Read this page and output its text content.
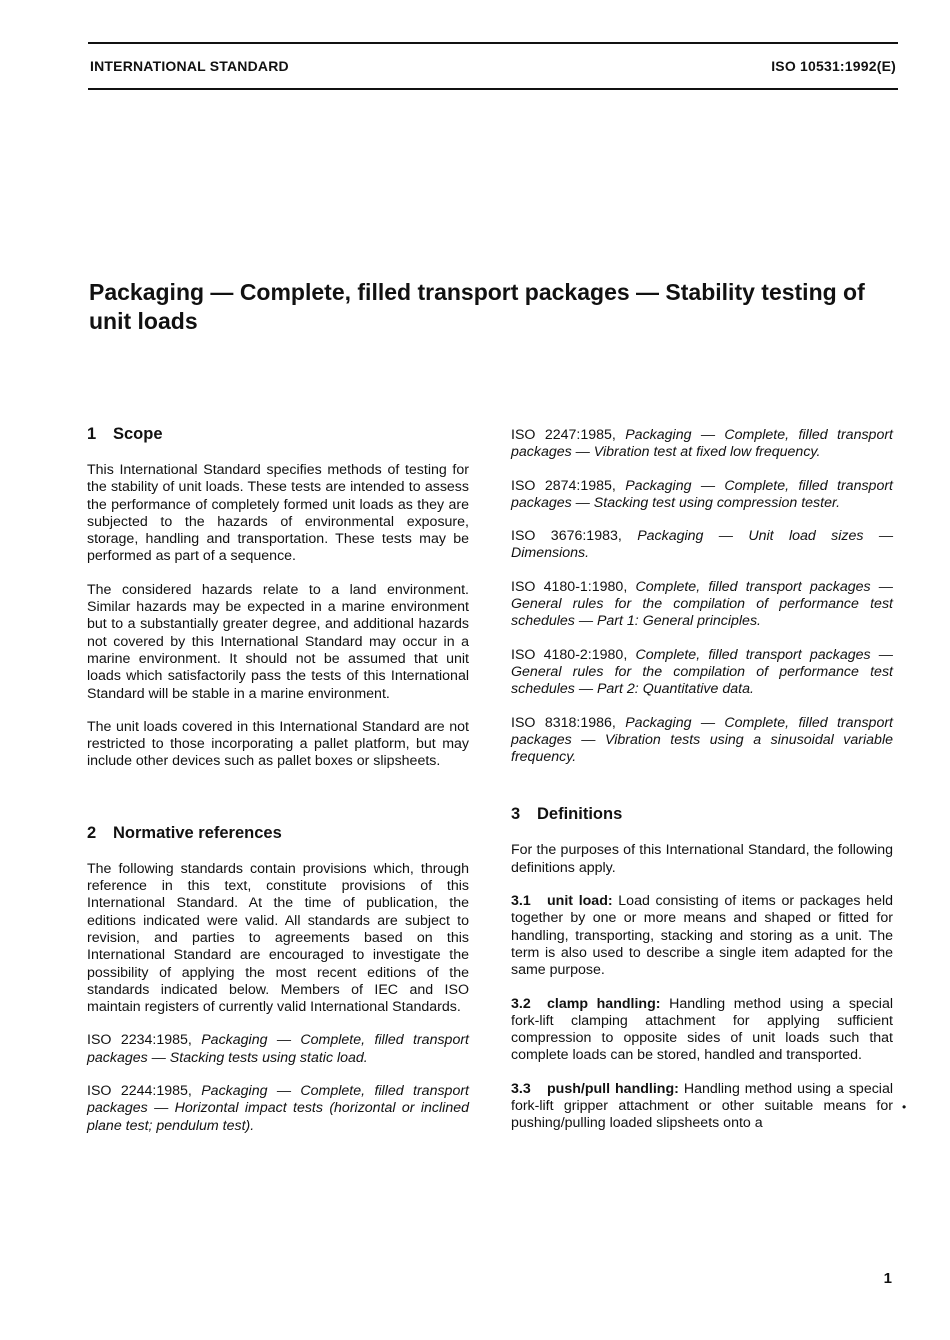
INTERNATIONAL STANDARD	ISO 10531:1992(E)
Packaging — Complete, filled transport packages — Stability testing of unit loads
1 Scope

This International Standard specifies methods of testing for the stability of unit loads. These tests are intended to assess the performance of completely formed unit loads as they are subjected to the hazards of environmental exposure, storage, handling and transportation. These tests may be performed as part of a sequence.

The considered hazards relate to a land environment. Similar hazards may be expected in a marine environment but to a substantially greater degree, and additional hazards not covered by this International Standard may occur in a marine environment. It should not be assumed that unit loads which satisfactorily pass the tests of this International Standard will be stable in a marine environment.

The unit loads covered in this International Standard are not restricted to those incorporating a pallet platform, but may include other devices such as pallet boxes or slipsheets.

2 Normative references

The following standards contain provisions which, through reference in this text, constitute provisions of this International Standard. At the time of publication, the editions indicated were valid. All standards are subject to revision, and parties to agreements based on this International Standard are encouraged to investigate the possibility of applying the most recent editions of the standards indicated below. Members of IEC and ISO maintain registers of currently valid International Standards.

ISO 2234:1985, Packaging — Complete, filled transport packages — Stacking tests using static load.

ISO 2244:1985, Packaging — Complete, filled transport packages — Horizontal impact tests (horizontal or inclined plane test; pendulum test).

ISO 2247:1985, Packaging — Complete, filled transport packages — Vibration test at fixed low frequency.

ISO 2874:1985, Packaging — Complete, filled transport packages — Stacking test using compression tester.

ISO 3676:1983, Packaging — Unit load sizes — Dimensions.

ISO 4180-1:1980, Complete, filled transport packages — General rules for the compilation of performance test schedules — Part 1: General principles.

ISO 4180-2:1980, Complete, filled transport packages — General rules for the compilation of performance test schedules — Part 2: Quantitative data.

ISO 8318:1986, Packaging — Complete, filled transport packages — Vibration tests using a sinusoidal variable frequency.

3 Definitions

For the purposes of this International Standard, the following definitions apply.

3.1 unit load: Load consisting of items or packages held together by one or more means and shaped or fitted for handling, transporting, stacking and storing as a unit. The term is also used to describe a single item adapted for the same purpose.

3.2 clamp handling: Handling method using a special fork-lift clamping attachment for applying sufficient compression to opposite sides of unit loads such that complete loads can be stored, handled and transported.

3.3 push/pull handling: Handling method using a special fork-lift gripper attachment or other suitable means for pushing/pulling loaded slipsheets onto a

•
1
